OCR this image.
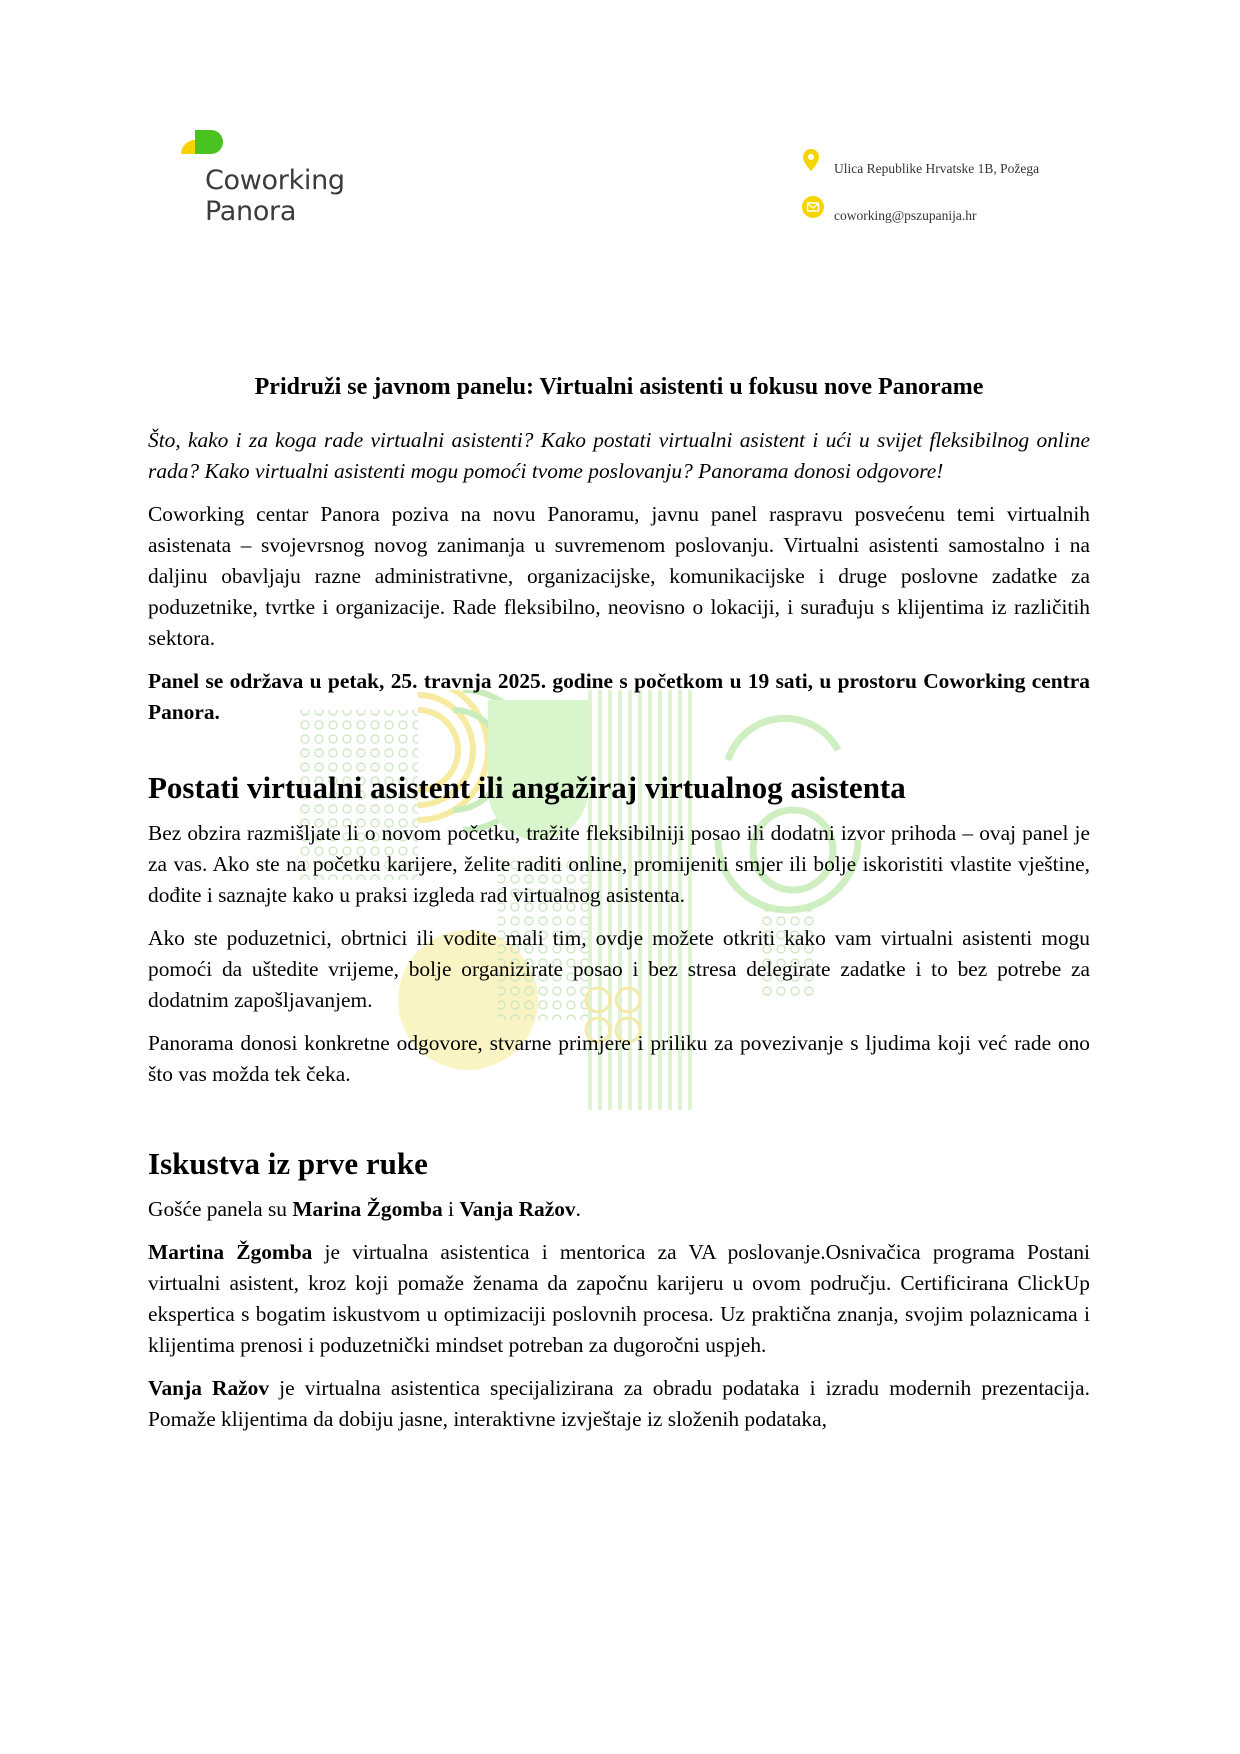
Coworking
Panora
Ulica Republike Hrvatske 1B, Požega
coworking@pszupanija.hr
Pridruži se javnom panelu: Virtualni asistenti u fokusu nove Panorame

Što, kako i za koga rade virtualni asistenti? Kako postati virtualni asistent i ući u svijet fleksibilnog online rada? Kako virtualni asistenti mogu pomoći tvome poslovanju? Panorama donosi odgovore!

Coworking centar Panora poziva na novu Panoramu, javnu panel raspravu posvećenu temi virtualnih asistenata – svojevrsnog novog zanimanja u suvremenom poslovanju. Virtualni asistenti samostalno i na daljinu obavljaju razne administrativne, organizacijske, komunikacijske i druge poslovne zadatke za poduzetnike, tvrtke i organizacije. Rade fleksibilno, neovisno o lokaciji, i surađuju s klijentima iz različitih sektora.

Panel se održava u petak, 25. travnja 2025. godine s početkom u 19 sati, u prostoru Coworking centra Panora.

Postati virtualni asistent ili angažiraj virtualnog asistenta

Bez obzira razmišljate li o novom početku, tražite fleksibilniji posao ili dodatni izvor prihoda – ovaj panel je za vas. Ako ste na početku karijere, želite raditi online, promijeniti smjer ili bolje iskoristiti vlastite vještine, dođite i saznajte kako u praksi izgleda rad virtualnog asistenta.

Ako ste poduzetnici, obrtnici ili vodite mali tim, ovdje možete otkriti kako vam virtualni asistenti mogu pomoći da uštedite vrijeme, bolje organizirate posao i bez stresa delegirate zadatke i to bez potrebe za dodatnim zapošljavanjem.

Panorama donosi konkretne odgovore, stvarne primjere i priliku za povezivanje s ljudima koji već rade ono što vas možda tek čeka.

Iskustva iz prve ruke

Gošće panela su Marina Žgomba i Vanja Ražov.

Martina Žgomba je virtualna asistentica i mentorica za VA poslovanje.Osnivačica programa Postani virtualni asistent, kroz koji pomaže ženama da započnu karijeru u ovom području. Certificirana ClickUp ekspertica s bogatim iskustvom u optimizaciji poslovnih procesa. Uz praktična znanja, svojim polaznicama i klijentima prenosi i poduzetnički mindset potreban za dugoročni uspjeh.

Vanja Ražov je virtualna asistentica specijalizirana za obradu podataka i izradu modernih prezentacija. Pomaže klijentima da dobiju jasne, interaktivne izvještaje iz složenih podataka,
